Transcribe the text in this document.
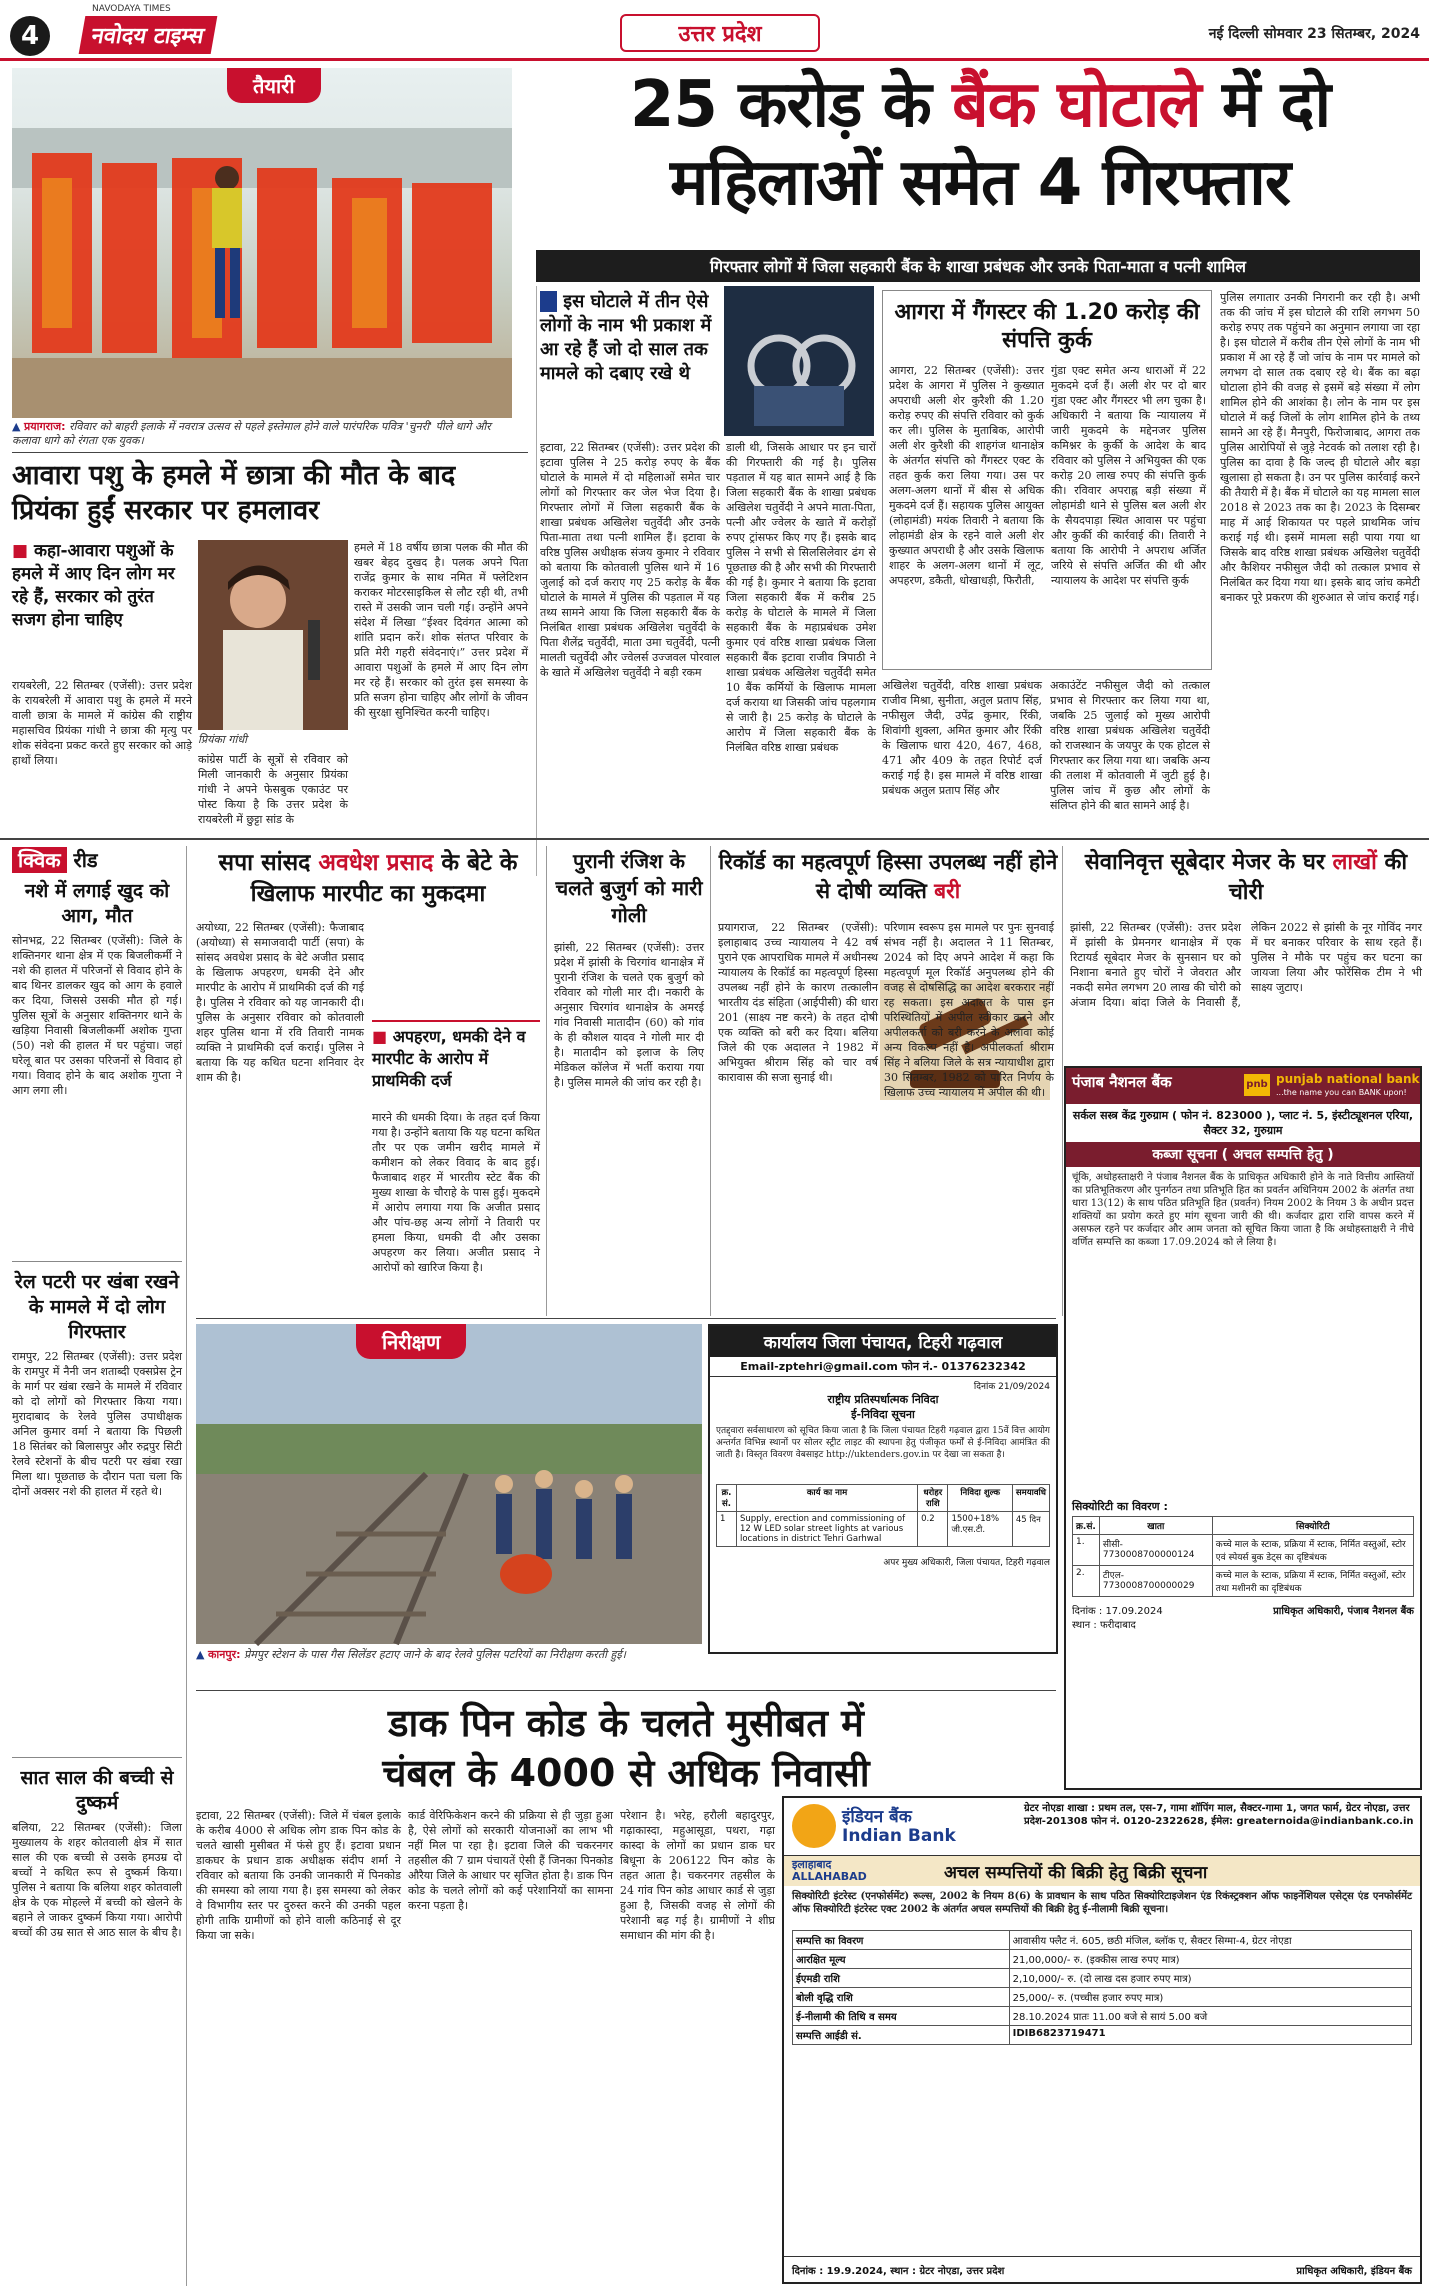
4
NAVODAYA TIMES
नवोदय टाइम्स	उत्तर प्रदेश	नई दिल्ली सोमवार 23 सितम्बर, 2024
तैयारी
▲ प्रयागराज: रविवार को बाहरी इलाके में नवरात्र उत्सव से पहले इस्तेमाल होने वाले पारंपरिक पवित्र 'चुनरी' पीले धागे और कलावा धागे को रंगता एक युवक।
25 करोड़ के बैंक घोटाले में दो
महिलाओं समेत 4 गिरफ्तार
गिरफ्तार लोगों में जिला सहकारी बैंक के शाखा प्रबंधक और उनके पिता-माता व पत्नी शामिल
■ इस घोटाले में तीन ऐसे लोगों के नाम भी प्रकाश में आ रहे हैं जो दो साल तक मामले को दबाए रखे थे
इटावा, 22 सितम्बर (एजेंसी): उत्तर प्रदेश की इटावा पुलिस ने 25 करोड़ रुपए के बैंक घोटाले के मामले में दो महिलाओं समेत चार लोगों को गिरफ्तार कर जेल भेज दिया है। गिरफ्तार लोगों में जिला सहकारी बैंक के शाखा प्रबंधक अखिलेश चतुर्वेदी और उनके पिता-माता तथा पत्नी शामिल हैं। इटावा के वरिष्ठ पुलिस अधीक्षक संजय कुमार ने रविवार को बताया कि कोतवाली पुलिस थाने में 16 जुलाई को दर्ज कराए गए 25 करोड़ के बैंक घोटाले के मामले में पुलिस की पड़ताल में यह तथ्य सामने आया कि जिला सहकारी बैंक के निलंबित शाखा प्रबंधक अखिलेश चतुर्वेदी के पिता शैलेंद्र चतुर्वेदी, माता उमा चतुर्वेदी, पत्नी मालती चतुर्वेदी और ज्वेलर्स उज्जवल पोरवाल के खाते में अखिलेश चतुर्वेदी ने बड़ी रकम
डाली थी, जिसके आधार पर इन चारों की गिरफ्तारी की गई है। पुलिस पड़ताल में यह बात सामने आई है कि जिला सहकारी बैंक के शाखा प्रबंधक अखिलेश चतुर्वेदी ने अपने माता-पिता, पत्नी और ज्वेलर के खाते में करोड़ों रुपए ट्रांसफर किए गए हैं। इसके बाद पुलिस ने सभी से सिलसिलेवार ढंग से पूछताछ की है और सभी की गिरफ्तारी की गई है। कुमार ने बताया कि इटावा जिला सहकारी बैंक में करीब 25 करोड़ के घोटाले के मामले में जिला सहकारी बैंक के महाप्रबंधक उमेश कुमार एवं वरिष्ठ शाखा प्रबंधक जिला सहकारी बैंक इटावा राजीव त्रिपाठी ने शाखा प्रबंधक अखिलेश चतुर्वेदी समेत 10 बैंक कर्मियों के खिलाफ मामला दर्ज कराया था जिसकी जांच पहलगाम से जारी है। 25 करोड़ के घोटाले के आरोप में जिला सहकारी बैंक के निलंबित वरिष्ठ शाखा प्रबंधक
आगरा में गैंगस्टर की 1.20 करोड़ की संपत्ति कुर्क
आगरा, 22 सितम्बर (एजेंसी): उत्तर प्रदेश के आगरा में पुलिस ने कुख्यात अपराधी अली शेर कुरैशी की 1.20 करोड़ रुपए की संपत्ति रविवार को कुर्क कर ली। पुलिस के मुताबिक, आरोपी अली शेर कुरैशी की शाहगंज थानाक्षेत्र के अंतर्गत संपत्ति को गैंगस्टर एक्ट के तहत कुर्क करा लिया गया। उस पर अलग-अलग थानों में बीस से अधिक मुकदमे दर्ज हैं। सहायक पुलिस आयुक्त (लोहामंडी) मयंक तिवारी ने बताया कि लोहामंडी क्षेत्र के रहने वाले अली शेर कुख्यात अपराधी है और उसके खिलाफ शाहर के अलग-अलग थानों में लूट, अपहरण, डकैती, धोखाधड़ी, फिरौती,
गुंडा एक्ट समेत अन्य धाराओं में 22 मुकदमे दर्ज हैं। अली शेर पर दो बार गुंडा एक्ट और गैंगस्टर भी लग चुका है। अधिकारी ने बताया कि न्यायालय में जारी मुकदमे के मद्देनजर पुलिस कमिश्नर के कुर्की के आदेश के बाद रविवार को पुलिस ने अभियुक्त की एक करोड़ 20 लाख रुपए की संपत्ति कुर्क की। रविवार अपराह्न बड़ी संख्या में लोहामंडी थाने से पुलिस बल अली शेर के सैयदपाड़ा स्थित आवास पर पहुंचा और कुर्की की कार्रवाई की। तिवारी ने बताया कि आरोपी ने अपराध अर्जित जरिये से संपत्ति अर्जित की थी और न्यायालय के आदेश पर संपत्ति कुर्क
अखिलेश चतुर्वेदी, वरिष्ठ शाखा प्रबंधक राजीव मिश्रा, सुनीता, अतुल प्रताप सिंह, नफीसुल जैदी, उपेंद्र कुमार, रिंकी, शिवांगी शुक्ला, अमित कुमार और रिंकी के खिलाफ धारा 420, 467, 468, 471 और 409 के तहत रिपोर्ट दर्ज कराई गई है। इस मामले में वरिष्ठ शाखा प्रबंधक अतुल प्रताप सिंह और
अकाउंटेंट नफीसुल जैदी को तत्काल प्रभाव से गिरफ्तार कर लिया गया था, जबकि 25 जुलाई को मुख्य आरोपी वरिष्ठ शाखा प्रबंधक अखिलेश चतुर्वेदी को राजस्थान के जयपुर के एक होटल से गिरफ्तार कर लिया गया था। जबकि अन्य की तलाश में कोतवाली में जुटी हुई है। पुलिस जांच में कुछ और लोगों के संलिप्त होने की बात सामने आई है।
पुलिस लगातार उनकी निगरानी कर रही है। अभी तक की जांच में इस घोटाले की राशि लगभग 50 करोड़ रुपए तक पहुंचने का अनुमान लगाया जा रहा है। इस घोटाले में करीब तीन ऐसे लोगों के नाम भी प्रकाश में आ रहे हैं जो जांच के नाम पर मामले को लगभग दो साल तक दबाए रहे थे। बैंक का बढ़ा घोटाला होने की वजह से इसमें बड़े संख्या में लोग शामिल होने की आशंका है। लोन के नाम पर इस घोटाले में कई जिलों के लोग शामिल होने के तथ्य सामने आ रहे हैं। मैनपुरी, फिरोजाबाद, आगरा तक पुलिस आरोपियों से जुड़े नेटवर्क को तलाश रही है। पुलिस का दावा है कि जल्द ही घोटाले और बड़ा खुलासा हो सकता है। उन पर पुलिस कार्रवाई करने की तैयारी में है। बैंक में घोटाले का यह मामला साल 2018 से 2023 तक का है। 2023 के दिसम्बर माह में आई शिकायत पर पहले प्राथमिक जांच कराई गई थी। इसमें मामला सही पाया गया था जिसके बाद वरिष्ठ शाखा प्रबंधक अखिलेश चतुर्वेदी और कैशियर नफीसुल जैदी को तत्काल प्रभाव से निलंबित कर दिया गया था। इसके बाद जांच कमेटी बनाकर पूरे प्रकरण की शुरुआत से जांच कराई गई।
आवारा पशु के हमले में छात्रा की मौत के बाद प्रियंका हुईं सरकार पर हमलावर
■ कहा-आवारा पशुओं के हमले में आए दिन लोग मर रहे हैं, सरकार को तुरंत सजग होना चाहिए
प्रियंका गांधी
रायबरेली, 22 सितम्बर (एजेंसी): उत्तर प्रदेश के रायबरेली में आवारा पशु के हमले में मरने वाली छात्रा के मामले में कांग्रेस की राष्ट्रीय महासचिव प्रियंका गांधी ने छात्रा की मृत्यु पर शोक संवेदना प्रकट करते हुए सरकार को आड़े हाथों लिया।	कांग्रेस पार्टी के सूत्रों से रविवार को मिली जानकारी के अनुसार प्रियंका गांधी ने अपने फेसबुक एकाउंट पर पोस्ट किया है कि उत्तर प्रदेश के रायबरेली में छुट्टा सांड के
हमले में 18 वर्षीय छात्रा पलक की मौत की खबर बेहद दुखद है। पलक अपने पिता राजेंद्र कुमार के साथ नमित में फ्लेटिशन कराकर मोटरसाइकिल से लौट रही थी, तभी रास्ते में उसकी जान चली गई। उन्होंने अपने संदेश में लिखा “ईश्वर दिवंगत आत्मा को शांति प्रदान करें। शोक संतप्त परिवार के प्रति मेरी गहरी संवेदनाएं।” उत्तर प्रदेश में आवारा पशुओं के हमले में आए दिन लोग मर रहे हैं। सरकार को तुरंत इस समस्या के प्रति सजग होना चाहिए और लोगों के जीवन की सुरक्षा सुनिश्चित करनी चाहिए।
क्विक रीड
नशे में लगाई खुद को आग, मौत
सोनभद्र, 22 सितम्बर (एजेंसी): जिले के शक्तिनगर थाना क्षेत्र में एक बिजलीकर्मी ने नशे की हालत में परिजनों से विवाद होने के बाद थिनर डालकर खुद को आग के हवाले कर दिया, जिससे उसकी मौत हो गई। पुलिस सूत्रों के अनुसार शक्तिनगर थाने के खड़िया निवासी बिजलीकर्मी अशोक गुप्ता (50) नशे की हालत में घर पहुंचा। जहां घरेलू बात पर उसका परिजनों से विवाद हो गया। विवाद होने के बाद अशोक गुप्ता ने आग लगा ली।
रेल पटरी पर खंबा रखने के मामले में दो लोग गिरफ्तार
रामपुर, 22 सितम्बर (एजेंसी): उत्तर प्रदेश के रामपुर में नैनी जन शताब्दी एक्सप्रेस ट्रेन के मार्ग पर खंबा रखने के मामले में रविवार को दो लोगों को गिरफ्तार किया गया। मुरादाबाद के रेलवे पुलिस उपाधीक्षक अनिल कुमार वर्मा ने बताया कि पिछली 18 सितंबर को बिलासपुर और रुद्रपुर सिटी रेलवे स्टेशनों के बीच पटरी पर खंबा रखा मिला था। पूछताछ के दौरान पता चला कि दोनों अक्सर नशे की हालत में रहते थे।
सात साल की बच्ची से दुष्कर्म
बलिया, 22 सितम्बर (एजेंसी): जिला मुख्यालय के शहर कोतवाली क्षेत्र में सात साल की एक बच्ची से उसके हमउम्र दो बच्चों ने कथित रूप से दुष्कर्म किया। पुलिस ने बताया कि बलिया शहर कोतवाली क्षेत्र के एक मोहल्ले में बच्ची को खेलने के बहाने ले जाकर दुष्कर्म किया गया। आरोपी बच्चों की उम्र सात से आठ साल के बीच है।
सपा सांसद अवधेश प्रसाद के बेटे के खिलाफ मारपीट का मुकदमा
अयोध्या, 22 सितम्बर (एजेंसी): फैजाबाद (अयोध्या) से समाजवादी पार्टी (सपा) के सांसद अवधेश प्रसाद के बेटे अजीत प्रसाद के खिलाफ अपहरण, धमकी देने और मारपीट के आरोप में प्राथमिकी दर्ज की गई है। पुलिस ने रविवार को यह जानकारी दी। पुलिस के अनुसार रविवार को कोतवाली शहर पुलिस थाना में रवि तिवारी नामक व्यक्ति ने प्राथमिकी दर्ज कराई। पुलिस ने बताया कि यह कथित घटना शनिवार देर शाम की है।
■ अपहरण, धमकी देने व मारपीट के आरोप में प्राथमिकी दर्ज
मारने की धमकी दिया। के तहत दर्ज किया गया है। उन्होंने बताया कि यह घटना कथित तौर पर एक जमीन खरीद मामले में कमीशन को लेकर विवाद के बाद हुई। फैजाबाद शहर में भारतीय स्टेट बैंक की मुख्य शाखा के चौराहे के पास हुई। मुकदमे में आरोप लगाया गया कि अजीत प्रसाद और पांच-छह अन्य लोगों ने तिवारी पर हमला किया, धमकी दी और उसका अपहरण कर लिया। अजीत प्रसाद ने आरोपों को खारिज किया है।
पुरानी रंजिश के चलते बुजुर्ग को मारी गोली
झांसी, 22 सितम्बर (एजेंसी): उत्तर प्रदेश में झांसी के चिरगांव थानाक्षेत्र में पुरानी रंजिश के चलते एक बुजुर्ग को रविवार को गोली मार दी। नकारी के अनुसार चिरगांव थानाक्षेत्र के अमरई गांव निवासी मातादीन (60) को गांव के ही कौशल यादव ने गोली मार दी है। मातादीन को इलाज के लिए मेडिकल कॉलेज में भर्ती कराया गया है। पुलिस मामले की जांच कर रही है।
रिकॉर्ड का महत्वपूर्ण हिस्सा उपलब्ध नहीं होने से दोषी व्यक्ति बरी
प्रयागराज, 22 सितम्बर (एजेंसी): इलाहाबाद उच्च न्यायालय ने 42 वर्ष पुराने एक आपराधिक मामले में अधीनस्थ न्यायालय के रिकॉर्ड का महत्वपूर्ण हिस्सा उपलब्ध नहीं होने के कारण तत्कालीन भारतीय दंड संहिता (आईपीसी) की धारा 201 (साक्ष्य नष्ट करने) के तहत दोषी एक व्यक्ति को बरी कर दिया। बलिया जिले की एक अदालत ने 1982 में अभियुक्त श्रीराम सिंह को चार वर्ष कारावास की सजा सुनाई थी।
परिणाम स्वरूप इस मामले पर पुनः सुनवाई संभव नहीं है। अदालत ने 11 सितम्बर, 2024 को दिए अपने आदेश में कहा कि महत्वपूर्ण मूल रिकॉर्ड अनुपलब्ध होने की वजह से दोषसिद्धि का आदेश बरकरार नहीं रह सकता। इस अदालत के पास इन परिस्थितियों में अपील स्वीकार करने और अपीलकर्ता को बरी करने के अलावा कोई अन्य विकल्प नहीं है। अपीलकर्ता श्रीराम सिंह ने बलिया जिले के सत्र न्यायाधीश द्वारा 30 सितम्बर, 1982 को पारित निर्णय के खिलाफ उच्च न्यायालय में अपील की थी।
सेवानिवृत्त सूबेदार मेजर के घर लाखों की चोरी
झांसी, 22 सितम्बर (एजेंसी): उत्तर प्रदेश में झांसी के प्रेमनगर थानाक्षेत्र में एक रिटायर्ड सूबेदार मेजर के सुनसान घर को निशाना बनाते हुए चोरों ने जेवरात और नकदी समेत लगभग 20 लाख की चोरी को अंजाम दिया। बांदा जिले के निवासी हैं, लेकिन 2022 से झांसी के नूर गोविंद नगर में घर बनाकर परिवार के साथ रहते हैं। पुलिस ने मौके पर पहुंच कर घटना का जायजा लिया और फोरेंसिक टीम ने भी साक्ष्य जुटाए।
पंजाब नैशनल बैंक	pnb punjab national bank
...the name you can BANK upon!
सर्कल सस्त्र केंद्र गुरुग्राम ( फोन नं. 823000 ), प्लाट नं. 5, इंस्टीट्यूशनल एरिया, सैक्टर 32, गुरुग्राम
कब्जा सूचना ( अचल सम्पत्ति हेतु )
चूंकि, अधोहस्ताक्षरी ने पंजाब नैशनल बैंक के प्राधिकृत अधिकारी होने के नाते वित्तीय आस्तियों का प्रतिभूतिकरण और पुनर्गठन तथा प्रतिभूति हित का प्रवर्तन अधिनियम 2002 के अंतर्गत तथा धारा 13(12) के साथ पठित प्रतिभूति हित (प्रवर्तन) नियम 2002 के नियम 3 के अधीन प्रदत्त शक्तियों का प्रयोग करते हुए मांग सूचना जारी की थी। कर्जदार द्वारा राशि वापस करने में असफल रहने पर कर्जदार और आम जनता को सूचित किया जाता है कि अधोहस्ताक्षरी ने नीचे वर्णित सम्पत्ति का कब्जा 17.09.2024 को ले लिया है।
सिक्योरिटी का विवरण :
क्र.सं.	खाता	सिक्योरिटी
1.	सीसी- 7730008700000124	कच्चे माल के स्टाक, प्रक्रिया में स्टाक, निर्मित वस्तुओं, स्टोर एवं स्पेयर्स बुक डेट्स का दृष्टिबंधक
2.	टीएल- 7730008700000029	कच्चे माल के स्टाक, प्रक्रिया में स्टाक, निर्मित वस्तुओं, स्टोर तथा मशीनरी का दृष्टिबंधक
दिनांक : 17.09.2024
स्थान : फरीदाबाद
प्राधिकृत अधिकारी, पंजाब नैशनल बैंक
निरीक्षण
▲ कानपुर: प्रेमपुर स्टेशन के पास गैस सिलेंडर हटाए जाने के बाद रेलवे पुलिस पटरियों का निरीक्षण करती हुई।
कार्यालय जिला पंचायत, टिहरी गढ़वाल
Email-zptehri@gmail.com फोन नं.- 01376232342
दिनांक 21/09/2024
राष्ट्रीय प्रतिस्पर्धात्मक निविदा
ई-निविदा सूचना
एतद्द्वारा सर्वसाधारण को सूचित किया जाता है कि जिला पंचायत टिहरी गढ़वाल द्वारा 15वें वित्त आयोग अन्तर्गत विभिन्न स्थानों पर सोलर स्ट्रीट लाइट की स्थापना हेतु पंजीकृत फर्मों से ई-निविदा आमंत्रित की जाती है। विस्तृत विवरण वेबसाइट http://uktenders.gov.in पर देखा जा सकता है।
क्र. सं.	कार्य का नाम	धरोहर राशि	निविदा शुल्क	समयावधि
1	Supply, erection and commissioning of 12 W LED solar street lights at various locations in district Tehri Garhwal	0.2	1500+18% जी.एस.टी.	45 दिन
अपर मुख्य अधिकारी, जिला पंचायत, टिहरी गढ़वाल
डाक पिन कोड के चलते मुसीबत में
चंबल के 4000 से अधिक निवासी
इटावा, 22 सितम्बर (एजेंसी): जिले में चंबल इलाके के करीब 4000 से अधिक लोग डाक पिन कोड के चलते खासी मुसीबत में फंसे हुए हैं। इटावा प्रधान डाकघर के प्रधान डाक अधीक्षक संदीप शर्मा ने रविवार को बताया कि उनकी जानकारी में पिनकोड की समस्या को लाया गया है। इस समस्या को लेकर वे विभागीय स्तर पर दुरुस्त करने की उनकी पहल होगी ताकि ग्रामीणों को होने वाली कठिनाई से दूर किया जा सके।
कार्ड वेरिफिकेशन करने की प्रक्रिया से ही जुड़ा हुआ है, ऐसे लोगों को सरकारी योजनाओं का लाभ भी नहीं मिल पा रहा है। इटावा जिले की चकरनगर तहसील की 7 ग्राम पंचायतें ऐसी हैं जिनका पिनकोड औरैया जिले के आधार पर सृजित होता है। डाक पिन कोड के चलते लोगों को कई परेशानियों का सामना करना पड़ता है।
परेशान है। भरेह, हरौली बहादुरपुर, गढ़ाकास्दा, महुआसूडा, पथरा, गढ़ा कास्दा के लोगों का प्रधान डाक घर बिधूना के 206122 पिन कोड के तहत आता है। चकरनगर तहसील के 24 गांव पिन कोड आधार कार्ड से जुड़ा हुआ है, जिसकी वजह से लोगों की परेशानी बढ़ गई है। ग्रामीणों ने शीघ्र समाधान की मांग की है।
इंडियन बैंक
Indian Bank
ग्रेटर नोएडा शाखा : प्रथम तल, एस-7, गामा शॉपिंग माल, सैक्टर-गामा 1, जगत फार्म, ग्रेटर नोएडा, उत्तर प्रदेश-201308 फोन नं. 0120-2322628, ईमेल: greaternoida@indianbank.co.in
इलाहाबाद
ALLAHABAD	अचल सम्पत्तियों की बिक्री हेतु बिक्री सूचना
सिक्योरिटी इंटरेस्ट (एनफोर्समेंट) रूल्स, 2002 के नियम 8(6) के प्रावधान के साथ पठित सिक्योरिटाइजेशन एंड रिकंस्ट्रक्शन ऑफ फाइनेंशियल एसेट्स एंड एनफोर्समेंट ऑफ सिक्योरिटी इंटरेस्ट एक्ट 2002 के अंतर्गत अचल सम्पत्तियों की बिक्री हेतु ई-नीलामी बिक्री सूचना।
सम्पत्ति का विवरण	आवासीय फ्लैट नं. 605, छठी मंजिल, ब्लॉक ए, सैक्टर सिग्मा-4, ग्रेटर नोएडा
आरक्षित मूल्य	21,00,000/- रु. (इक्कीस लाख रुपए मात्र)
ईएमडी राशि	2,10,000/- रु. (दो लाख दस हजार रुपए मात्र)
बोली वृद्धि राशि	25,000/- रु. (पच्चीस हजार रुपए मात्र)
ई-नीलामी की तिथि व समय	28.10.2024 प्रातः 11.00 बजे से सायं 5.00 बजे
सम्पत्ति आईडी सं.	IDIB6823719471
दिनांक : 19.9.2024, स्थान : ग्रेटर नोएडा, उत्तर प्रदेश	प्राधिकृत अधिकारी, इंडियन बैंक
